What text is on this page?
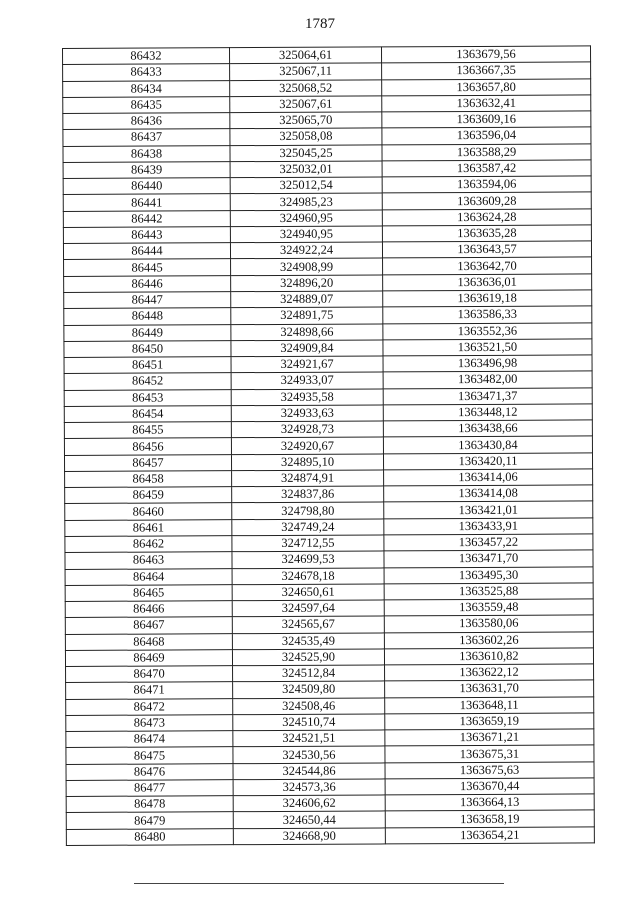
1787
86432	325064,61	1363679,56
86433	325067,11	1363667,35
86434	325068,52	1363657,80
86435	325067,61	1363632,41
86436	325065,70	1363609,16
86437	325058,08	1363596,04
86438	325045,25	1363588,29
86439	325032,01	1363587,42
86440	325012,54	1363594,06
86441	324985,23	1363609,28
86442	324960,95	1363624,28
86443	324940,95	1363635,28
86444	324922,24	1363643,57
86445	324908,99	1363642,70
86446	324896,20	1363636,01
86447	324889,07	1363619,18
86448	324891,75	1363586,33
86449	324898,66	1363552,36
86450	324909,84	1363521,50
86451	324921,67	1363496,98
86452	324933,07	1363482,00
86453	324935,58	1363471,37
86454	324933,63	1363448,12
86455	324928,73	1363438,66
86456	324920,67	1363430,84
86457	324895,10	1363420,11
86458	324874,91	1363414,06
86459	324837,86	1363414,08
86460	324798,80	1363421,01
86461	324749,24	1363433,91
86462	324712,55	1363457,22
86463	324699,53	1363471,70
86464	324678,18	1363495,30
86465	324650,61	1363525,88
86466	324597,64	1363559,48
86467	324565,67	1363580,06
86468	324535,49	1363602,26
86469	324525,90	1363610,82
86470	324512,84	1363622,12
86471	324509,80	1363631,70
86472	324508,46	1363648,11
86473	324510,74	1363659,19
86474	324521,51	1363671,21
86475	324530,56	1363675,31
86476	324544,86	1363675,63
86477	324573,36	1363670,44
86478	324606,62	1363664,13
86479	324650,44	1363658,19
86480	324668,90	1363654,21
